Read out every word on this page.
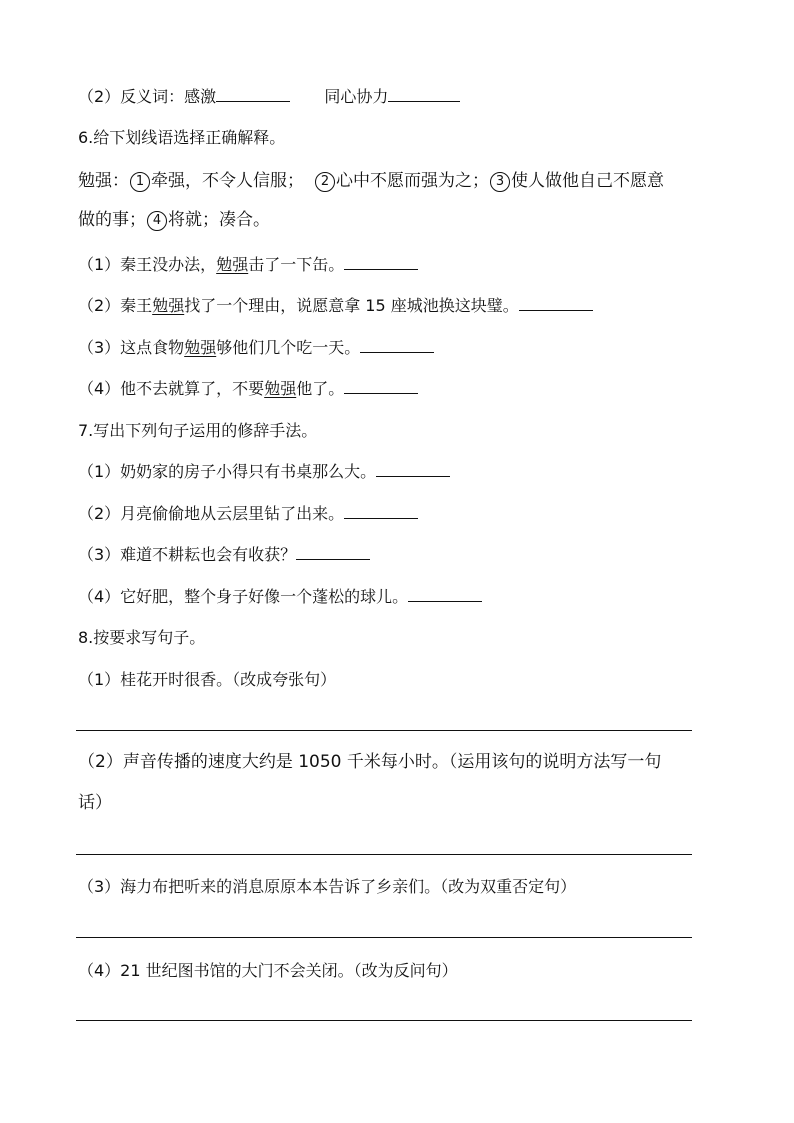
（2）反义词：感激	同心协力
6.给下划线语选择正确解释。
勉强： 1 牵强，不令人信服； 2 心中不愿而强为之； 3 使人做他自己不愿意
做的事； 4 将就；凑合。
（1）秦王没办法，勉强击了一下缶。
（2）秦王勉强找了一个理由，说愿意拿 15 座城池换这块璧。
（3）这点食物勉强够他们几个吃一天。
（4）他不去就算了，不要勉强他了。
7.写出下列句子运用的修辞手法。
（1）奶奶家的房子小得只有书桌那么大。
（2）月亮偷偷地从云层里钻了出来。
（3）难道不耕耘也会有收获？
（4）它好肥，整个身子好像一个蓬松的球儿。
8.按要求写句子。
（1）桂花开时很香。（改成夸张句）
（2）声音传播的速度大约是 1050 千米每小时。（运用该句的说明方法写一句
话）
（3）海力布把听来的消息原原本本告诉了乡亲们。（改为双重否定句）
（4）21 世纪图书馆的大门不会关闭。（改为反问句）
